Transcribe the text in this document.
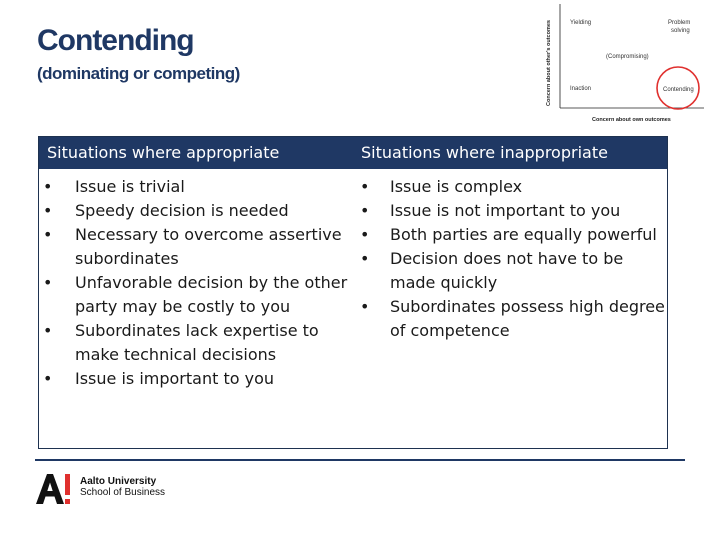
Contending
(dominating or competing)	Concern about other's outcomes
Concern about own outcomes
Yielding	Problem
solving
(Compromising)
Inaction	Contending
Situations where appropriate	Situations where inappropriate
• Issue is trivial
• Speedy decision is needed
• Necessary to overcome assertive subordinates
• Unfavorable decision by the other party may be costly to you
• Subordinates lack expertise to make technical decisions
• Issue is important to you
• Issue is complex
• Issue is not important to you
• Both parties are equally powerful
• Decision does not have to be made quickly
• Subordinates possess high degree of competence
Aalto University
School of Business
